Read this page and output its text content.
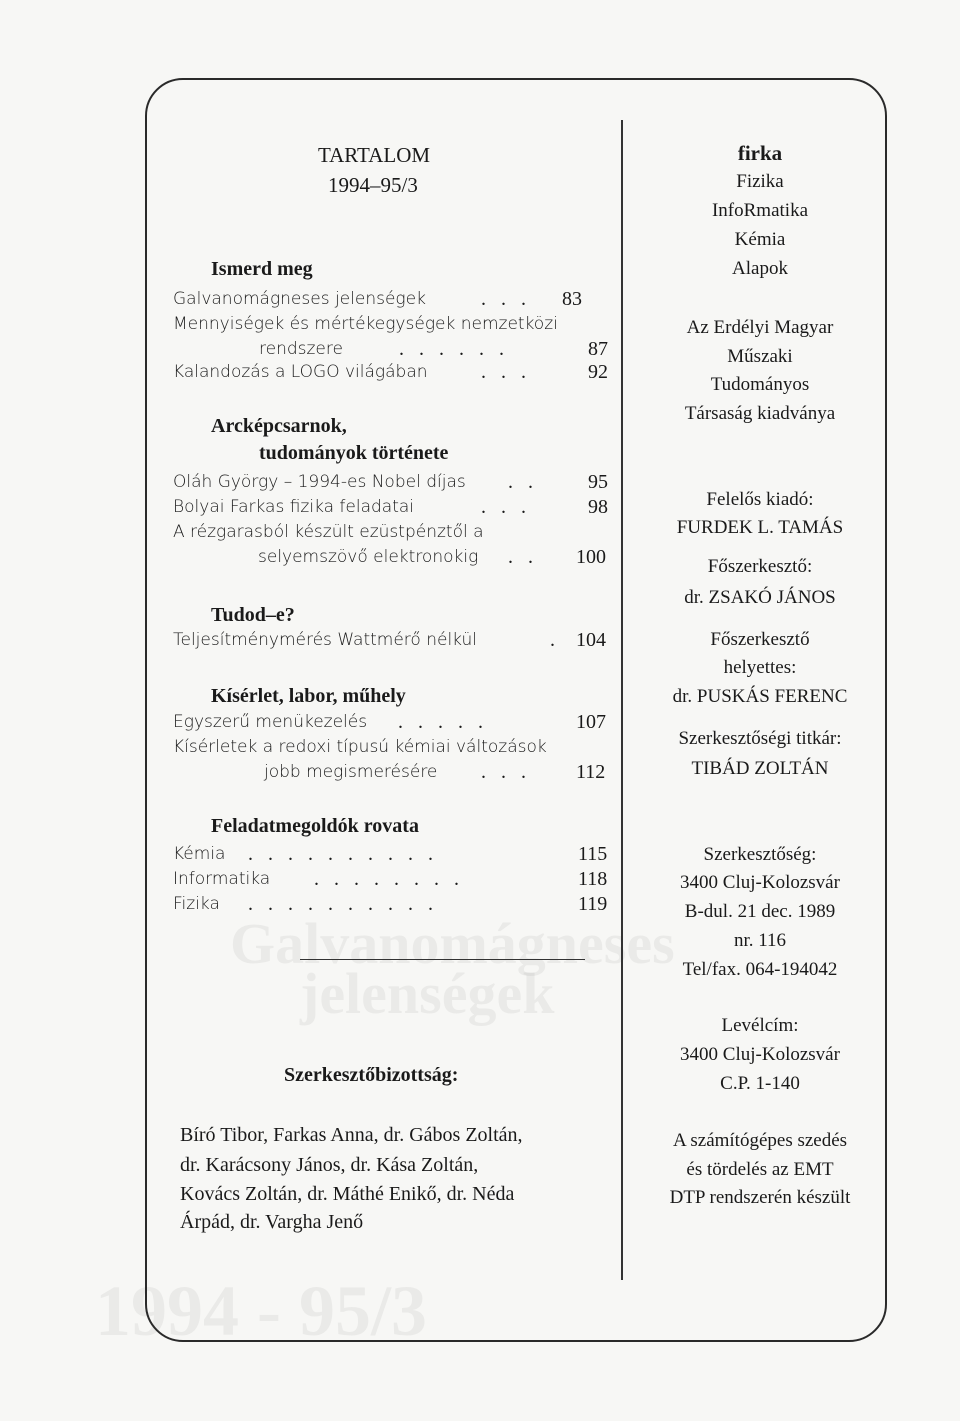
Galvanomágneses
jelenségek
1994 - 95/3
TARTALOM
1994–95/3
Ismerd meg
Galvanomágneses jelenségek	. . . 83
Mennyiségek és mértékegységek nemzetközi
rendszere	. . . . . .	87
Kalandozás a LOGO világában	. . .	92
Arcképcsarnok,
tudományok története
Oláh György – 1994-es Nobel díjas . .	95
Bolyai Farkas fizika feladatai	. . .	98
A rézgarasból készült ezüstpénztől a
selyemszövő elektronokig . . 100
Tudod–e?
Teljesítménymérés Wattmérő nélkül	. 104
Kísérlet, labor, műhely
Egyszerű menükezelés . . . . .	107
Kísérletek a redoxi típusú kémiai változások
jobb megismerésére . . . 112
Feladatmegoldók rovata
Kémia . . . . . . . . . .	115
Informatika . . . . . . . .	118
Fizika . . . . . . . . . .	119
Szerkesztőbizottság:
Bíró Tibor, Farkas Anna, dr. Gábos Zoltán,
dr. Karácsony János, dr. Kása Zoltán,
Kovács Zoltán, dr. Máthé Enikő, dr. Néda
Árpád, dr. Vargha Jenő
firka
Fizika
InfoRmatika
Kémia
Alapok
Az Erdélyi Magyar
Műszaki
Tudományos
Társaság kiadványa
Felelős kiadó:
FURDEK L. TAMÁS
Főszerkesztő:
dr. ZSAKÓ JÁNOS
Főszerkesztő
helyettes:
dr. PUSKÁS FERENC
Szerkesztőségi titkár:
TIBÁD ZOLTÁN
Szerkesztőség:
3400 Cluj-Kolozsvár
B-dul. 21 dec. 1989
nr. 116
Tel/fax. 064-194042
Levélcím:
3400 Cluj-Kolozsvár
C.P. 1-140
A számítógépes szedés
és tördelés az EMT
DTP rendszerén készült
